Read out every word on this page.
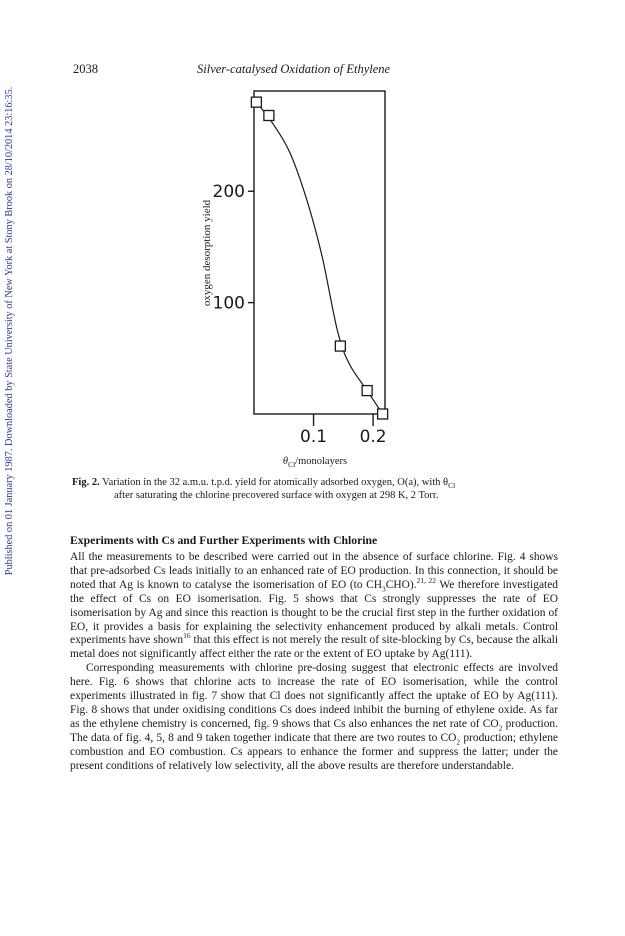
Published on 01 January 1987. Downloaded by State University of New York at Stony Brook on 28/10/2014 23:16:35.
2038	Silver-catalysed Oxidation of Ethylene
100
200
0.1 0.2
oxygen desorption yield
$\theta_{Cl}$/monolayers
Fig. 2. Variation in the 32 a.m.u. t.p.d. yield for atomically adsorbed oxygen, O(a), with $\theta_{Cl}$
after saturating the chlorine precovered surface with oxygen at 298 K, 2 Torr.
Experiments with Cs and Further Experiments with Chlorine

All the measurements to be described were carried out in the absence of surface chlorine. Fig. 4 shows that pre-adsorbed Cs leads initially to an enhanced rate of EO production. In this connection, it should be noted that Ag is known to catalyse the isomerisation of EO (to $CH_3CHO).^{21, 22}$ We therefore investigated the effect of Cs on EO isomerisation. Fig. 5 shows that Cs strongly suppresses the rate of EO isomerisation by Ag and since this reaction is thought to be the crucial first step in the further oxidation of EO, it provides a basis for explaining the selectivity enhancement produced by alkali metals. Control experiments have shown$^{16}$ that this effect is not merely the result of site-blocking by Cs, because the alkali metal does not significantly affect either the rate or the extent of EO uptake by Ag(111).

Corresponding measurements with chlorine pre-dosing suggest that electronic effects are involved here. Fig. 6 shows that chlorine acts to increase the rate of EO isomerisation, while the control experiments illustrated in fig. 7 show that Cl does not significantly affect the uptake of EO by Ag(111). Fig. 8 shows that under oxidising conditions Cs does indeed inhibit the burning of ethylene oxide. As far as the ethylene chemistry is concerned, fig. 9 shows that Cs also enhances the net rate of $CO_2$ production. The data of fig. 4, 5, 8 and 9 taken together indicate that there are two routes to $CO_2$ production; ethylene combustion and EO combustion. Cs appears to enhance the former and suppress the latter; under the present conditions of relatively low selectivity, all the above results are therefore understandable.
